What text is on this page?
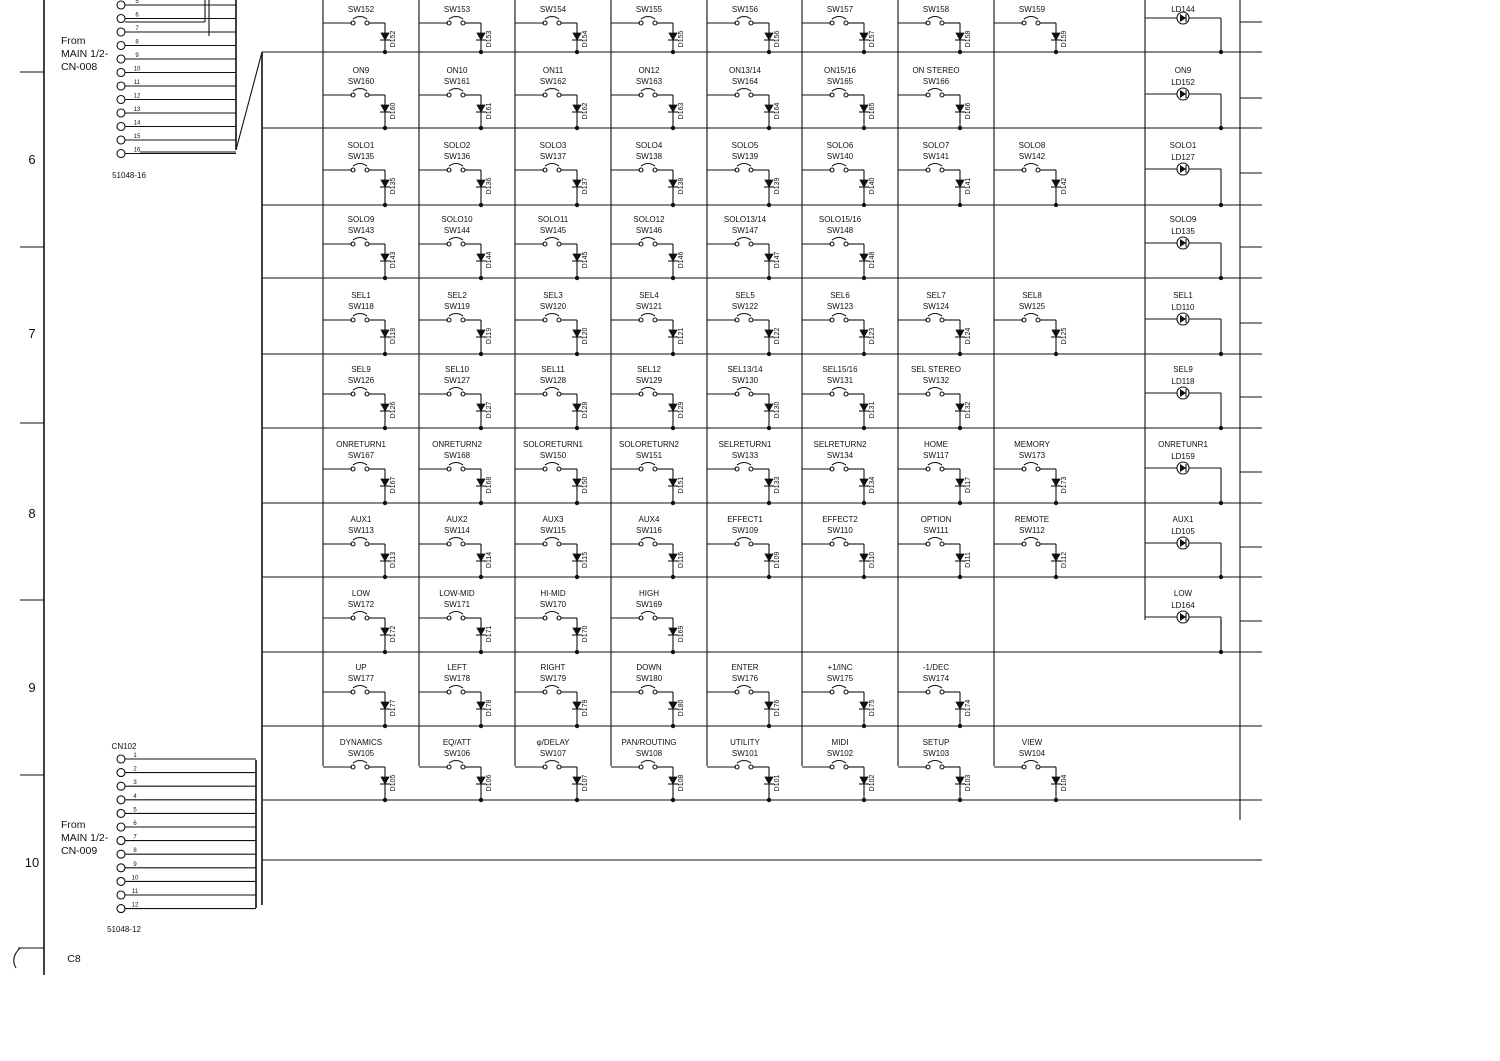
C8
6
7
8
9
10
5
6
7
8
9
10
11
12
13
14
15
16
From
MAIN 1/2-
CN-008
51048-16
CN102
1
2
3
4
5
6
7
8
9
10
11
12
From
MAIN 1/2-
CN-009
51048-12
SW152
D152
SW153
D153
SW154
D154
SW155
D155
SW156
D156
SW157
D157
SW158
D158
SW159
D159
ON9
SW160
D160
ON10
SW161
D161
ON11
SW162
D162
ON12
SW163
D163
ON13/14
SW164
D164
ON15/16
SW165
D165
ON STEREO
SW166
D166
SOLO1
SW135
D135
SOLO2
SW136
D136
SOLO3
SW137
D137
SOLO4
SW138
D138
SOLO5
SW139
D139
SOLO6
SW140
D140
SOLO7
SW141
D141
SOLO8
SW142
D142
SOLO9
SW143
D143
SOLO10
SW144
D144
SOLO11
SW145
D145
SOLO12
SW146
D146
SOLO13/14
SW147
D147
SOLO15/16
SW148
D148
SEL1
SW118
D118
SEL2
SW119
D119
SEL3
SW120
D120
SEL4
SW121
D121
SEL5
SW122
D122
SEL6
SW123
D123
SEL7
SW124
D124
SEL8
SW125
D125
SEL9
SW126
D126
SEL10
SW127
D127
SEL11
SW128
D128
SEL12
SW129
D129
SEL13/14
SW130
D130
SEL15/16
SW131
D131
SEL STEREO
SW132
D132
ONRETURN1
SW167
D167
ONRETURN2
SW168
D168
SOLORETURN1
SW150
D150
SOLORETURN2
SW151
D151
SELRETURN1
SW133
D133
SELRETURN2
SW134
D134
HOME
SW117
D117
MEMORY
SW173
D173
AUX1
SW113
D113
AUX2
SW114
D114
AUX3
SW115
D115
AUX4
SW116
D116
EFFECT1
SW109
D109
EFFECT2
SW110
D110
OPTION
SW111
D111
REMOTE
SW112
D112
LOW
SW172
D172
LOW-MID
SW171
D171
HI-MID
SW170
D170
HIGH
SW169
D169
UP
SW177
D177
LEFT
SW178
D178
RIGHT
SW179
D179
DOWN
SW180
D180
ENTER
SW176
D176
+1/INC
SW175
D175
-1/DEC
SW174
D174
DYNAMICS
SW105
D105
EQ/ATT
SW106
D106
φ/DELAY
SW107
D107
PAN/ROUTING
SW108
D108
UTILITY
SW101
D101
MIDI
SW102
D102
SETUP
SW103
D103
VIEW
SW104
D104
LD144
ON9
LD152
SOLO1
LD127
SOLO9
LD135
SEL1
LD110
SEL9
LD118
ONRETUNR1
LD159
AUX1
LD105
LOW
LD164
